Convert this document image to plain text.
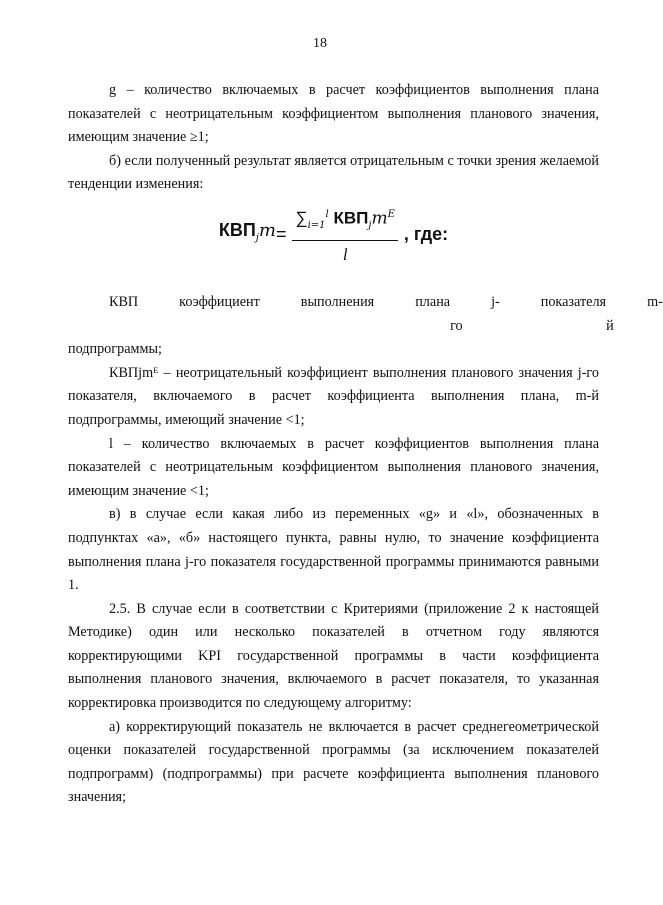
18

g – количество включаемых в расчет коэффициентов выполнения плана показателей с неотрицательным коэффициентом выполнения планового значения, имеющим значение ≥1;

б) если полученный результат является отрицательным с точки зрения желаемой тенденции изменения:

$КВП_jm = \frac{\sum_{i=1}^l КВП_jm^E}{l}$ , где:

КВП	коэффициент	выполнения	плана	j-го
показателя	m-й

подпрограммы;

КВПjmᴱ – неотрицательный коэффициент выполнения планового значения j-го показателя, включаемого в расчет коэффициента выполнения плана, m-й подпрограммы, имеющий значение <1;

l – количество включаемых в расчет коэффициентов выполнения плана показателей с неотрицательным коэффициентом выполнения планового значения, имеющим значение <1;

в) в случае если какая либо из переменных «g» и «l», обозначенных в подпунктах «а», «б» настоящего пункта, равны нулю, то значение коэффициента выполнения плана j-го показателя государственной программы принимаются равными 1.

2.5. В случае если в соответствии с Критериями (приложение 2 к настоящей Методике) один или несколько показателей в отчетном году являются корректирующими KPI государственной программы в части коэффициента выполнения планового значения, включаемого в расчет показателя, то указанная корректировка производится по следующему алгоритму:

а) корректирующий показатель не включается в расчет среднегеометрической оценки показателей государственной программы (за исключением показателей подпрограмм) (подпрограммы) при расчете коэффициента выполнения планового значения;
